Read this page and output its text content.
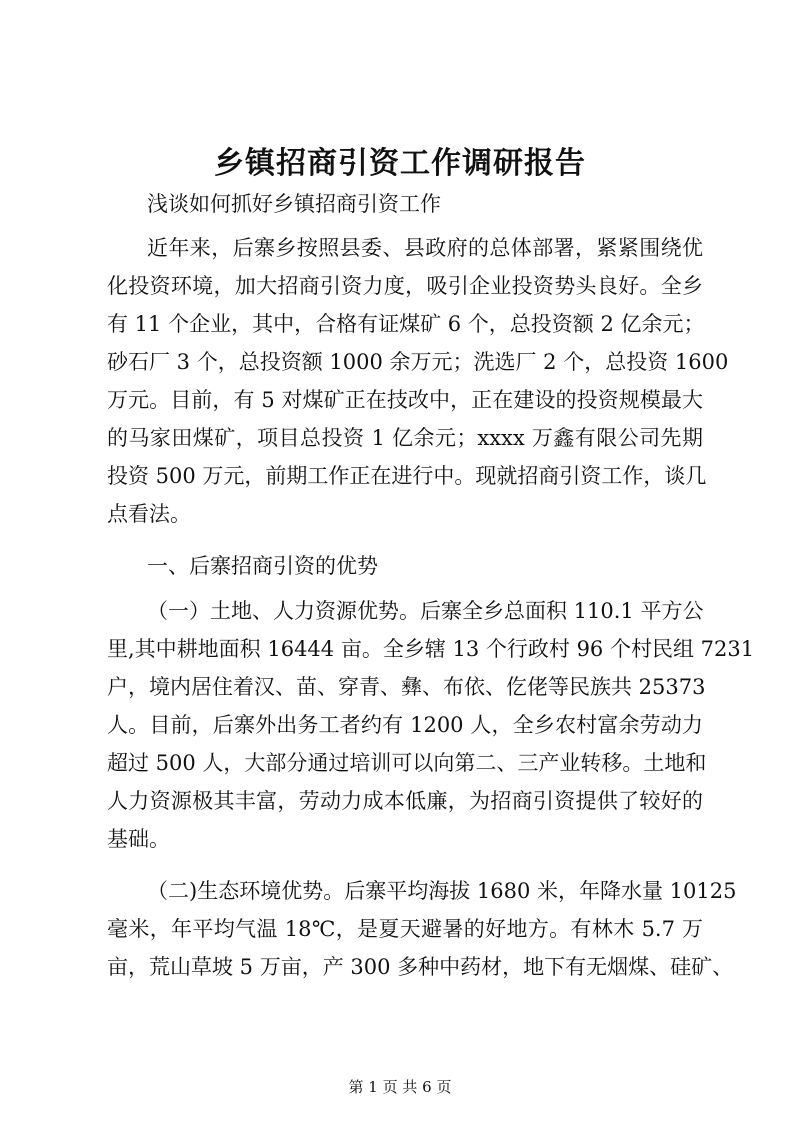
乡镇招商引资工作调研报告

浅谈如何抓好乡镇招商引资工作

近年来，后寨乡按照县委、县政府的总体部署，紧紧围绕优

化投资环境，加大招商引资力度，吸引企业投资势头良好。全乡

有 11 个企业，其中，合格有证煤矿 6 个，总投资额 2 亿余元；

砂石厂 3 个，总投资额 1000 余万元；洗选厂 2 个，总投资 1600

万元。目前，有 5 对煤矿正在技改中，正在建设的投资规模最大

的马家田煤矿，项目总投资 1 亿余元；xxxx 万鑫有限公司先期

投资 500 万元，前期工作正在进行中。现就招商引资工作，谈几

点看法。

一、后寨招商引资的优势

（一）土地、人力资源优势。后寨全乡总面积 110.1 平方公

里,其中耕地面积 16444 亩。全乡辖 13 个行政村 96 个村民组 7231

户，境内居住着汉、苗、穿青、彝、布依、仡佬等民族共 25373

人。目前，后寨外出务工者约有 1200 人，全乡农村富余劳动力

超过 500 人，大部分通过培训可以向第二、三产业转移。土地和

人力资源极其丰富，劳动力成本低廉，为招商引资提供了较好的

基础。

（二)生态环境优势。后寨平均海拔 1680 米，年降水量 10125

毫米，年平均气温 18℃，是夏天避暑的好地方。有林木 5.7 万

亩，荒山草坡 5 万亩，产 300 多种中药材，地下有无烟煤、硅矿、

第 1 页 共 6 页
